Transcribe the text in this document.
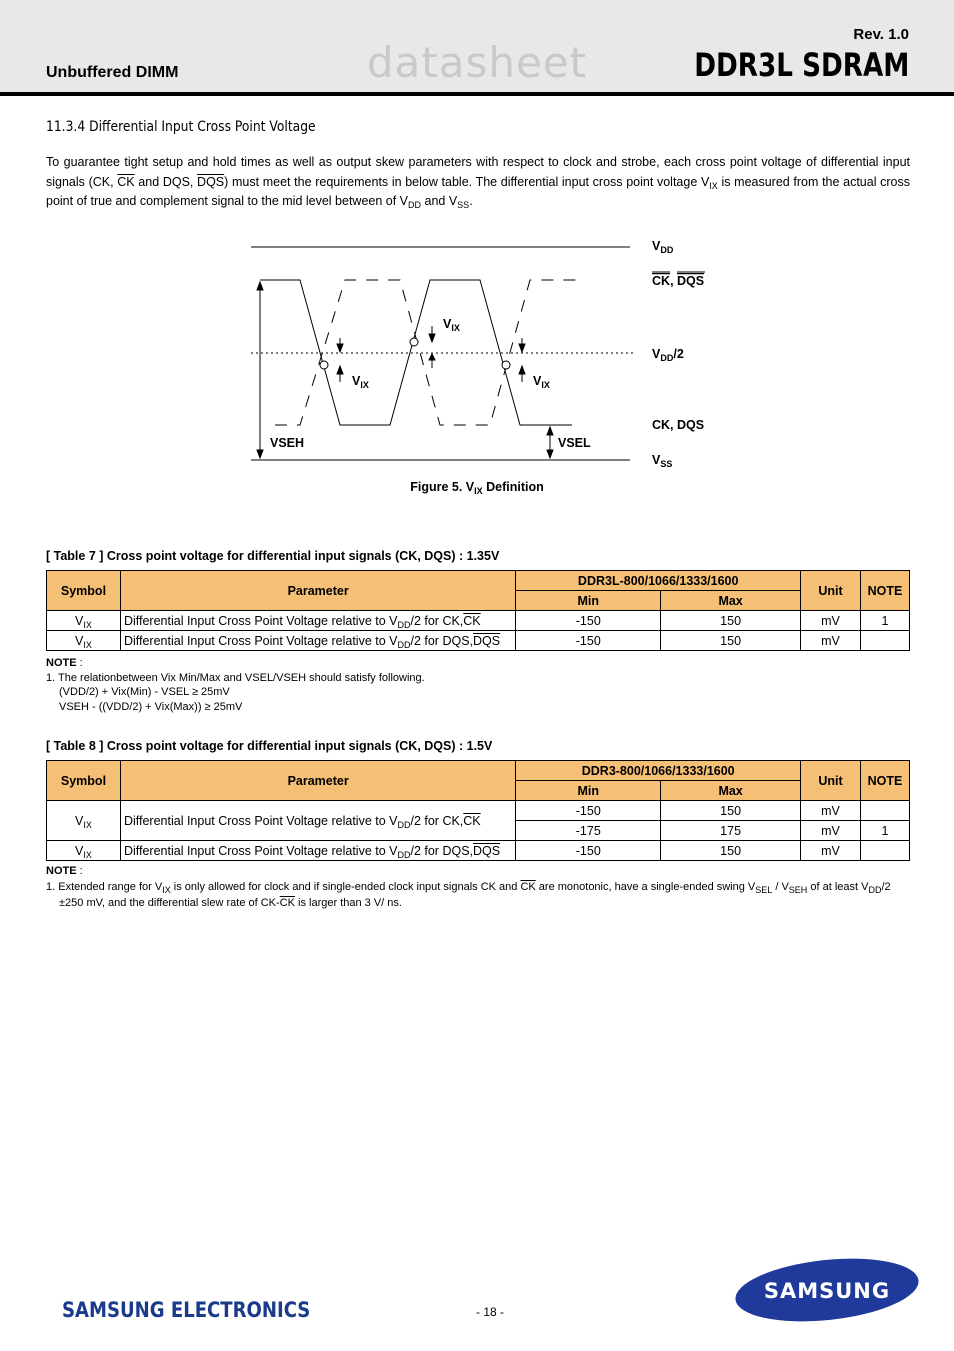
datasheet
Rev. 1.0
DDR3L SDRAM
Unbuffered DIMM
11.3.4 Differential Input Cross Point Voltage
To guarantee tight setup and hold times as well as output skew parameters with respect to clock and strobe, each cross point voltage of differential input signals (CK, $\overline{CK}$ and DQS, $\overline{DQS}$) must meet the requirements in below table. The differential input cross point voltage $V_{IX}$ is measured from the actual cross point of true and complement signal to the mid level between of $V_{DD}$ and $V_{SS}$.
$V_{IX}$
$V_{IX}$
$V_{IX}$
VSEH	VSEL
$V_{DD}$
CK, DQS
$V_{DD}/2$
CK, DQS
$V_{SS}$
Figure 5. $V_{IX}$ Definition
[ Table 7 ] Cross point voltage for differential input signals (CK, DQS) : 1.35V
Symbol	Parameter	DDR3L-800/1066/1333/1600		Unit	NOTE
		Min	Max		
$V_{IX}$	Differential Input Cross Point Voltage relative to $V_{DD}/2$ for $CK,\overline{CK}$	-150	150	mV	1
$V_{IX}$	Differential Input Cross Point Voltage relative to $V_{DD}/2$ for $DQS,\overline{DQS}$	-150	150	mV	
NOTE :
1. The relationbetween Vix Min/Max and VSEL/VSEH should satisfy following.
(VDD/2) + Vix(Min) - VSEL ≥ 25mV
VSEH - ((VDD/2) + Vix(Max)) ≥ 25mV
[ Table 8 ] Cross point voltage for differential input signals (CK, DQS) : 1.5V
Symbol	Parameter	DDR3-800/1066/1333/1600		Unit	NOTE
		Min	Max		
$V_{IX}$	Differential Input Cross Point Voltage relative to $V_{DD}/2$ for $CK,\overline{CK}$	-150	150	mV	
		-175	175	mV	1
$V_{IX}$	Differential Input Cross Point Voltage relative to $V_{DD}/2$ for $DQS,\overline{DQS}$	-150	150	mV	
NOTE :
1. Extended range for $V_{IX}$ is only allowed for clock and if single-ended clock input signals CK and $\overline{CK}$ are monotonic, have a single-ended swing $V_{SEL} / V_{SEH}$ of at least $V_{DD}/2$
±250 mV, and the differential slew rate of $CK-\overline{CK}$ is larger than 3 V/ ns.
SAMSUNG ELECTRONICS	- 18 -
SAMSUNG
